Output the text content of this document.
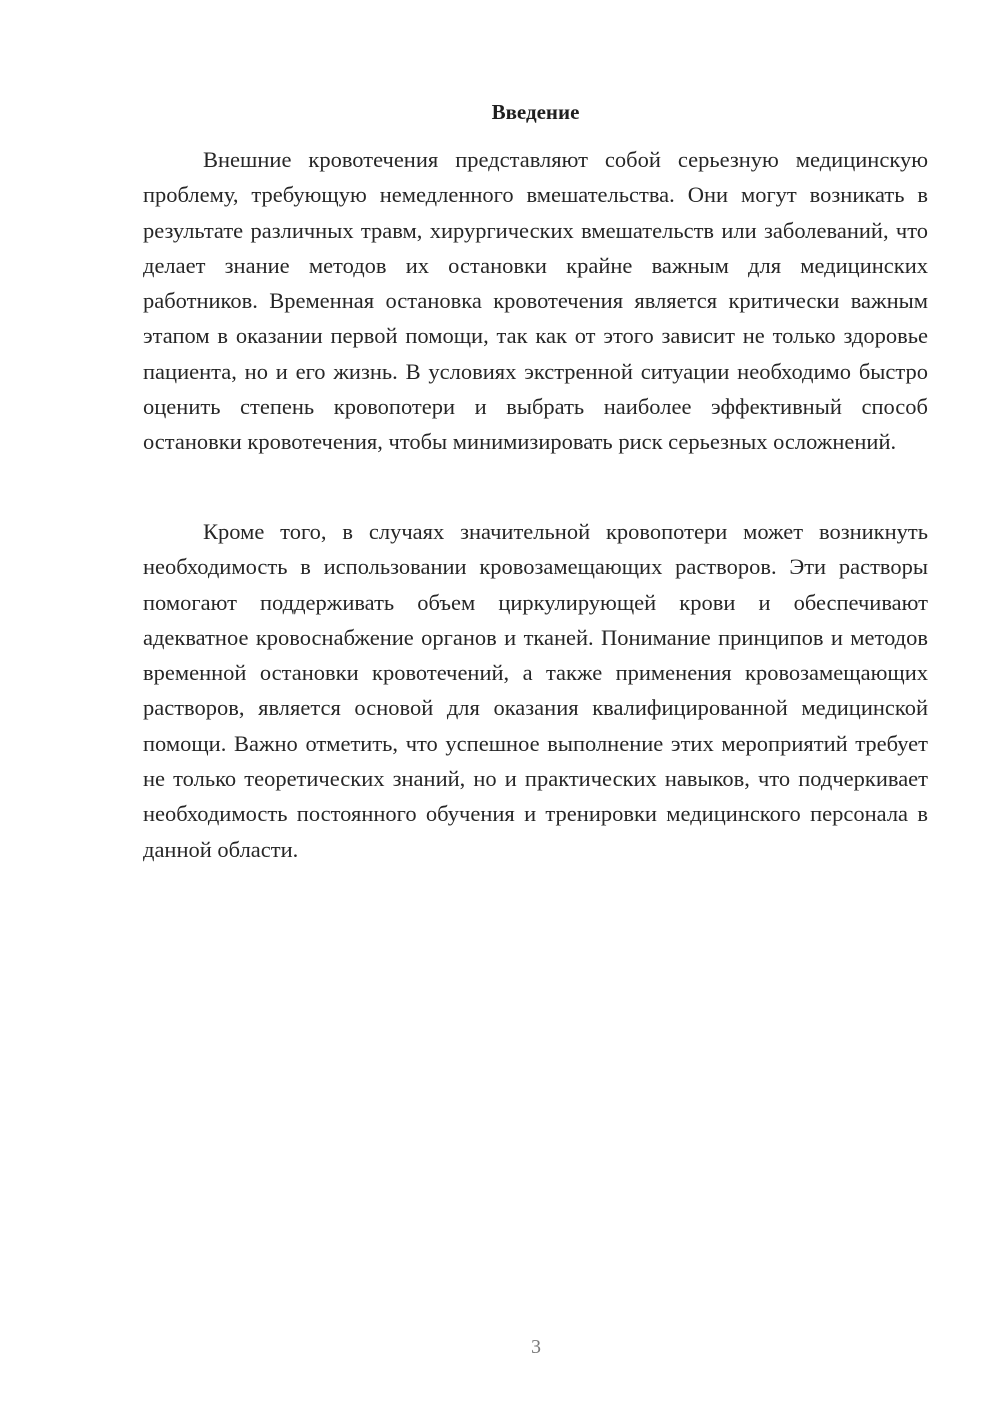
Введение

Внешние кровотечения представляют собой серьезную медицинскую проблему, требующую немедленного вмешательства. Они могут возникать в результате различных травм, хирургических вмешательств или заболеваний, что делает знание методов их остановки крайне важным для медицинских работников. Временная остановка кровотечения является критически важным этапом в оказании первой помощи, так как от этого зависит не только здоровье пациента, но и его жизнь. В условиях экстренной ситуации необходимо быстро оценить степень кровопотери и выбрать наиболее эффективный способ остановки кровотечения, чтобы минимизировать риск серьезных осложнений.

Кроме того, в случаях значительной кровопотери может возникнуть необходимость в использовании кровозамещающих растворов. Эти растворы помогают поддерживать объем циркулирующей крови и обеспечивают адекватное кровоснабжение органов и тканей. Понимание принципов и методов временной остановки кровотечений, а также применения кровозамещающих растворов, является основой для оказания квалифицированной медицинской помощи. Важно отметить, что успешное выполнение этих мероприятий требует не только теоретических знаний, но и практических навыков, что подчеркивает необходимость постоянного обучения и тренировки медицинского персонала в данной области.

3
